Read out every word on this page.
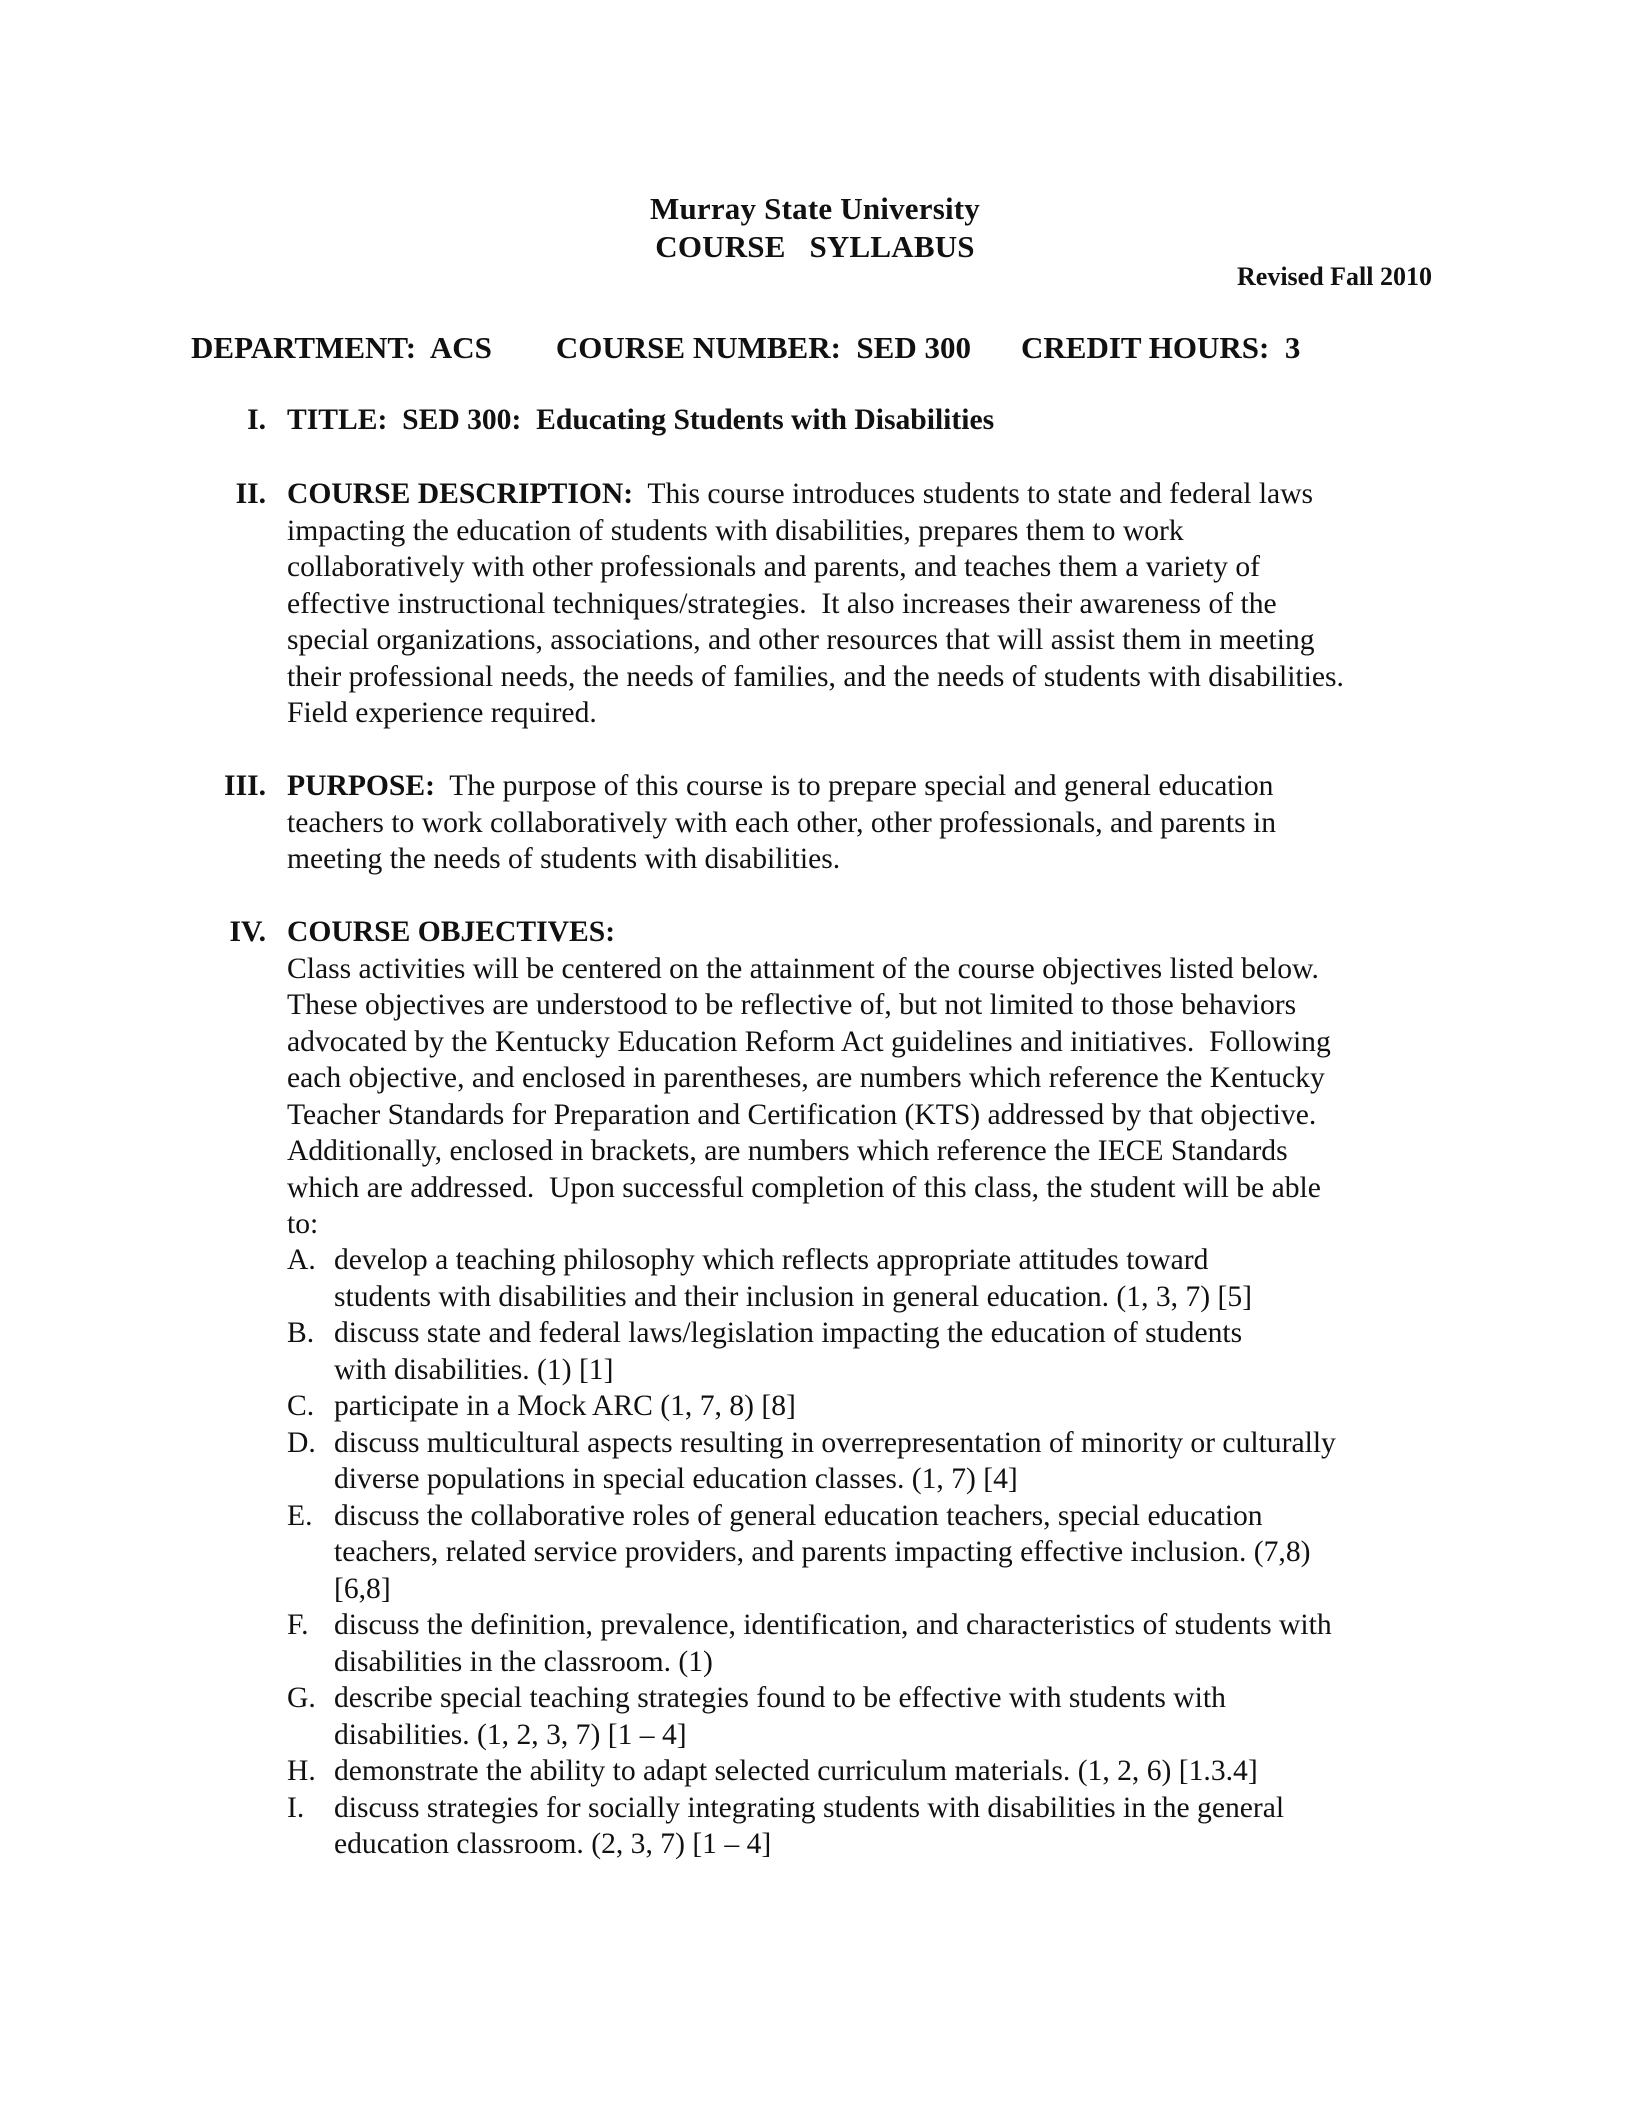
Murray State University
COURSE   SYLLABUS
Revised Fall 2010
DEPARTMENT:  ACS COURSE NUMBER:  SED 300 CREDIT HOURS:  3
I. TITLE:  SED 300:  Educating Students with Disabilities
II. COURSE DESCRIPTION: This course introduces students to state and federal laws
impacting the education of students with disabilities, prepares them to work
collaboratively with other professionals and parents, and teaches them a variety of
effective instructional techniques/strategies.  It also increases their awareness of the
special organizations, associations, and other resources that will assist them in meeting
their professional needs, the needs of families, and the needs of students with disabilities.
Field experience required.
III. PURPOSE: The purpose of this course is to prepare special and general education
teachers to work collaboratively with each other, other professionals, and parents in
meeting the needs of students with disabilities.
IV. COURSE OBJECTIVES:
Class activities will be centered on the attainment of the course objectives listed below.
These objectives are understood to be reflective of, but not limited to those behaviors
advocated by the Kentucky Education Reform Act guidelines and initiatives.  Following
each objective, and enclosed in parentheses, are numbers which reference the Kentucky
Teacher Standards for Preparation and Certification (KTS) addressed by that objective.
Additionally, enclosed in brackets, are numbers which reference the IECE Standards
which are addressed.  Upon successful completion of this class, the student will be able
to:
A. develop a teaching philosophy which reflects appropriate attitudes toward
students with disabilities and their inclusion in general education. (1, 3, 7) [5]
B. discuss state and federal laws/legislation impacting the education of students
with disabilities. (1) [1]
C. participate in a Mock ARC (1, 7, 8) [8]
D. discuss multicultural aspects resulting in overrepresentation of minority or culturally
diverse populations in special education classes. (1, 7) [4]
E. discuss the collaborative roles of general education teachers, special education
teachers, related service providers, and parents impacting effective inclusion. (7,8)
[6,8]
F. discuss the definition, prevalence, identification, and characteristics of students with
disabilities in the classroom. (1)
G. describe special teaching strategies found to be effective with students with
disabilities. (1, 2, 3, 7) [1 – 4]
H. demonstrate the ability to adapt selected curriculum materials. (1, 2, 6) [1.3.4]
I. discuss strategies for socially integrating students with disabilities in the general
education classroom. (2, 3, 7) [1 – 4]
